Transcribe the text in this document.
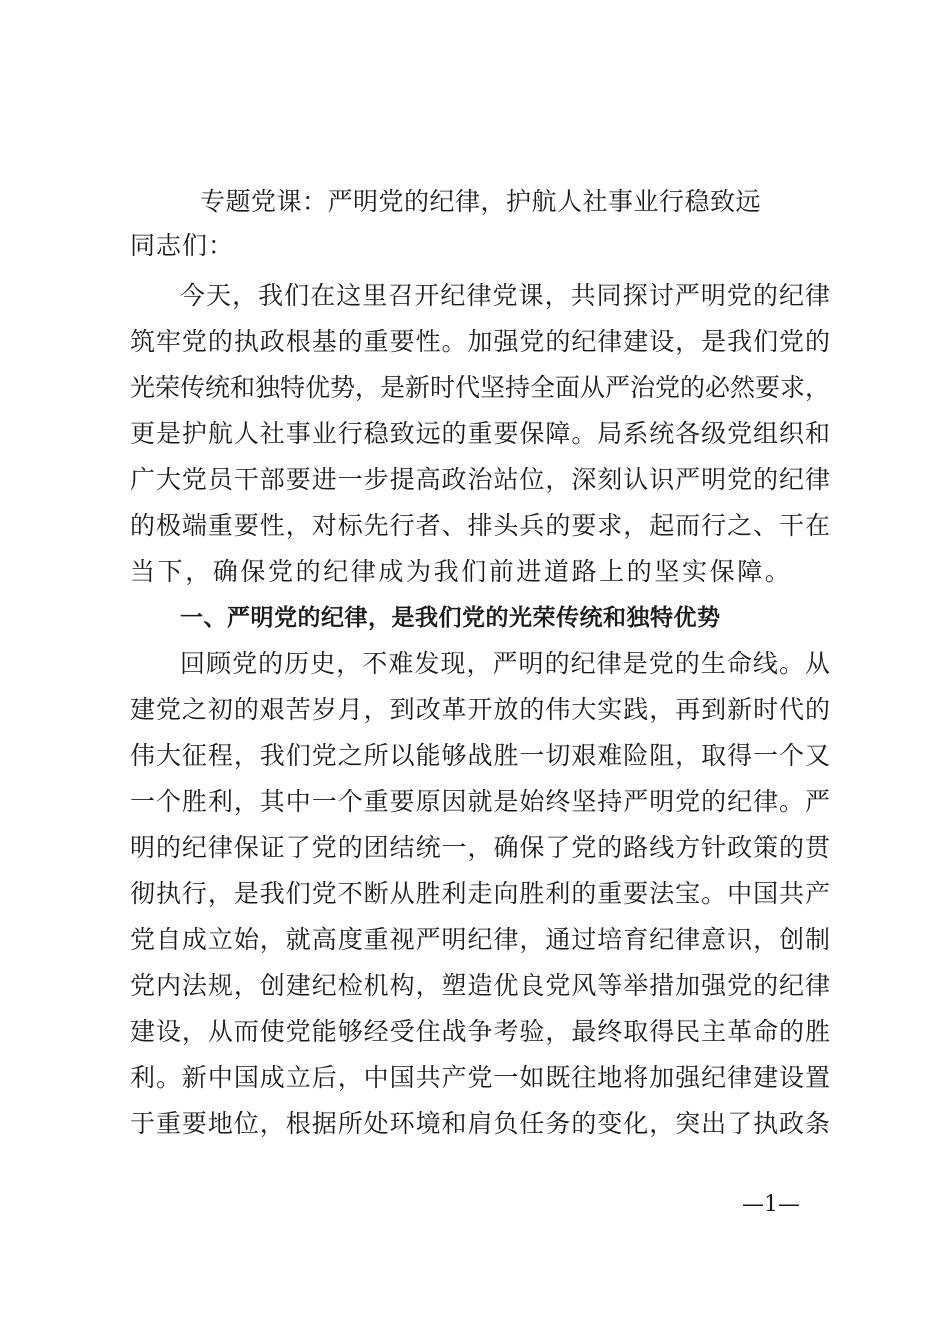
专题党课：严明党的纪律，护航人社事业行稳致远
同志们：
今天，我们在这里召开纪律党课，共同探讨严明党的纪律
筑牢党的执政根基的重要性。加强党的纪律建设，是我们党的
光荣传统和独特优势，是新时代坚持全面从严治党的必然要求，
更是护航人社事业行稳致远的重要保障。局系统各级党组织和
广大党员干部要进一步提高政治站位，深刻认识严明党的纪律
的极端重要性，对标先行者、排头兵的要求，起而行之、干在
当下，确保党的纪律成为我们前进道路上的坚实保障。
一、严明党的纪律，是我们党的光荣传统和独特优势
回顾党的历史，不难发现，严明的纪律是党的生命线。从
建党之初的艰苦岁月，到改革开放的伟大实践，再到新时代的
伟大征程，我们党之所以能够战胜一切艰难险阻，取得一个又
一个胜利，其中一个重要原因就是始终坚持严明党的纪律。严
明的纪律保证了党的团结统一，确保了党的路线方针政策的贯
彻执行，是我们党不断从胜利走向胜利的重要法宝。中国共产
党自成立始，就高度重视严明纪律，通过培育纪律意识，创制
党内法规，创建纪检机构，塑造优良党风等举措加强党的纪律
建设，从而使党能够经受住战争考验，最终取得民主革命的胜
利。新中国成立后，中国共产党一如既往地将加强纪律建设置
于重要地位，根据所处环境和肩负任务的变化，突出了执政条
—1—
